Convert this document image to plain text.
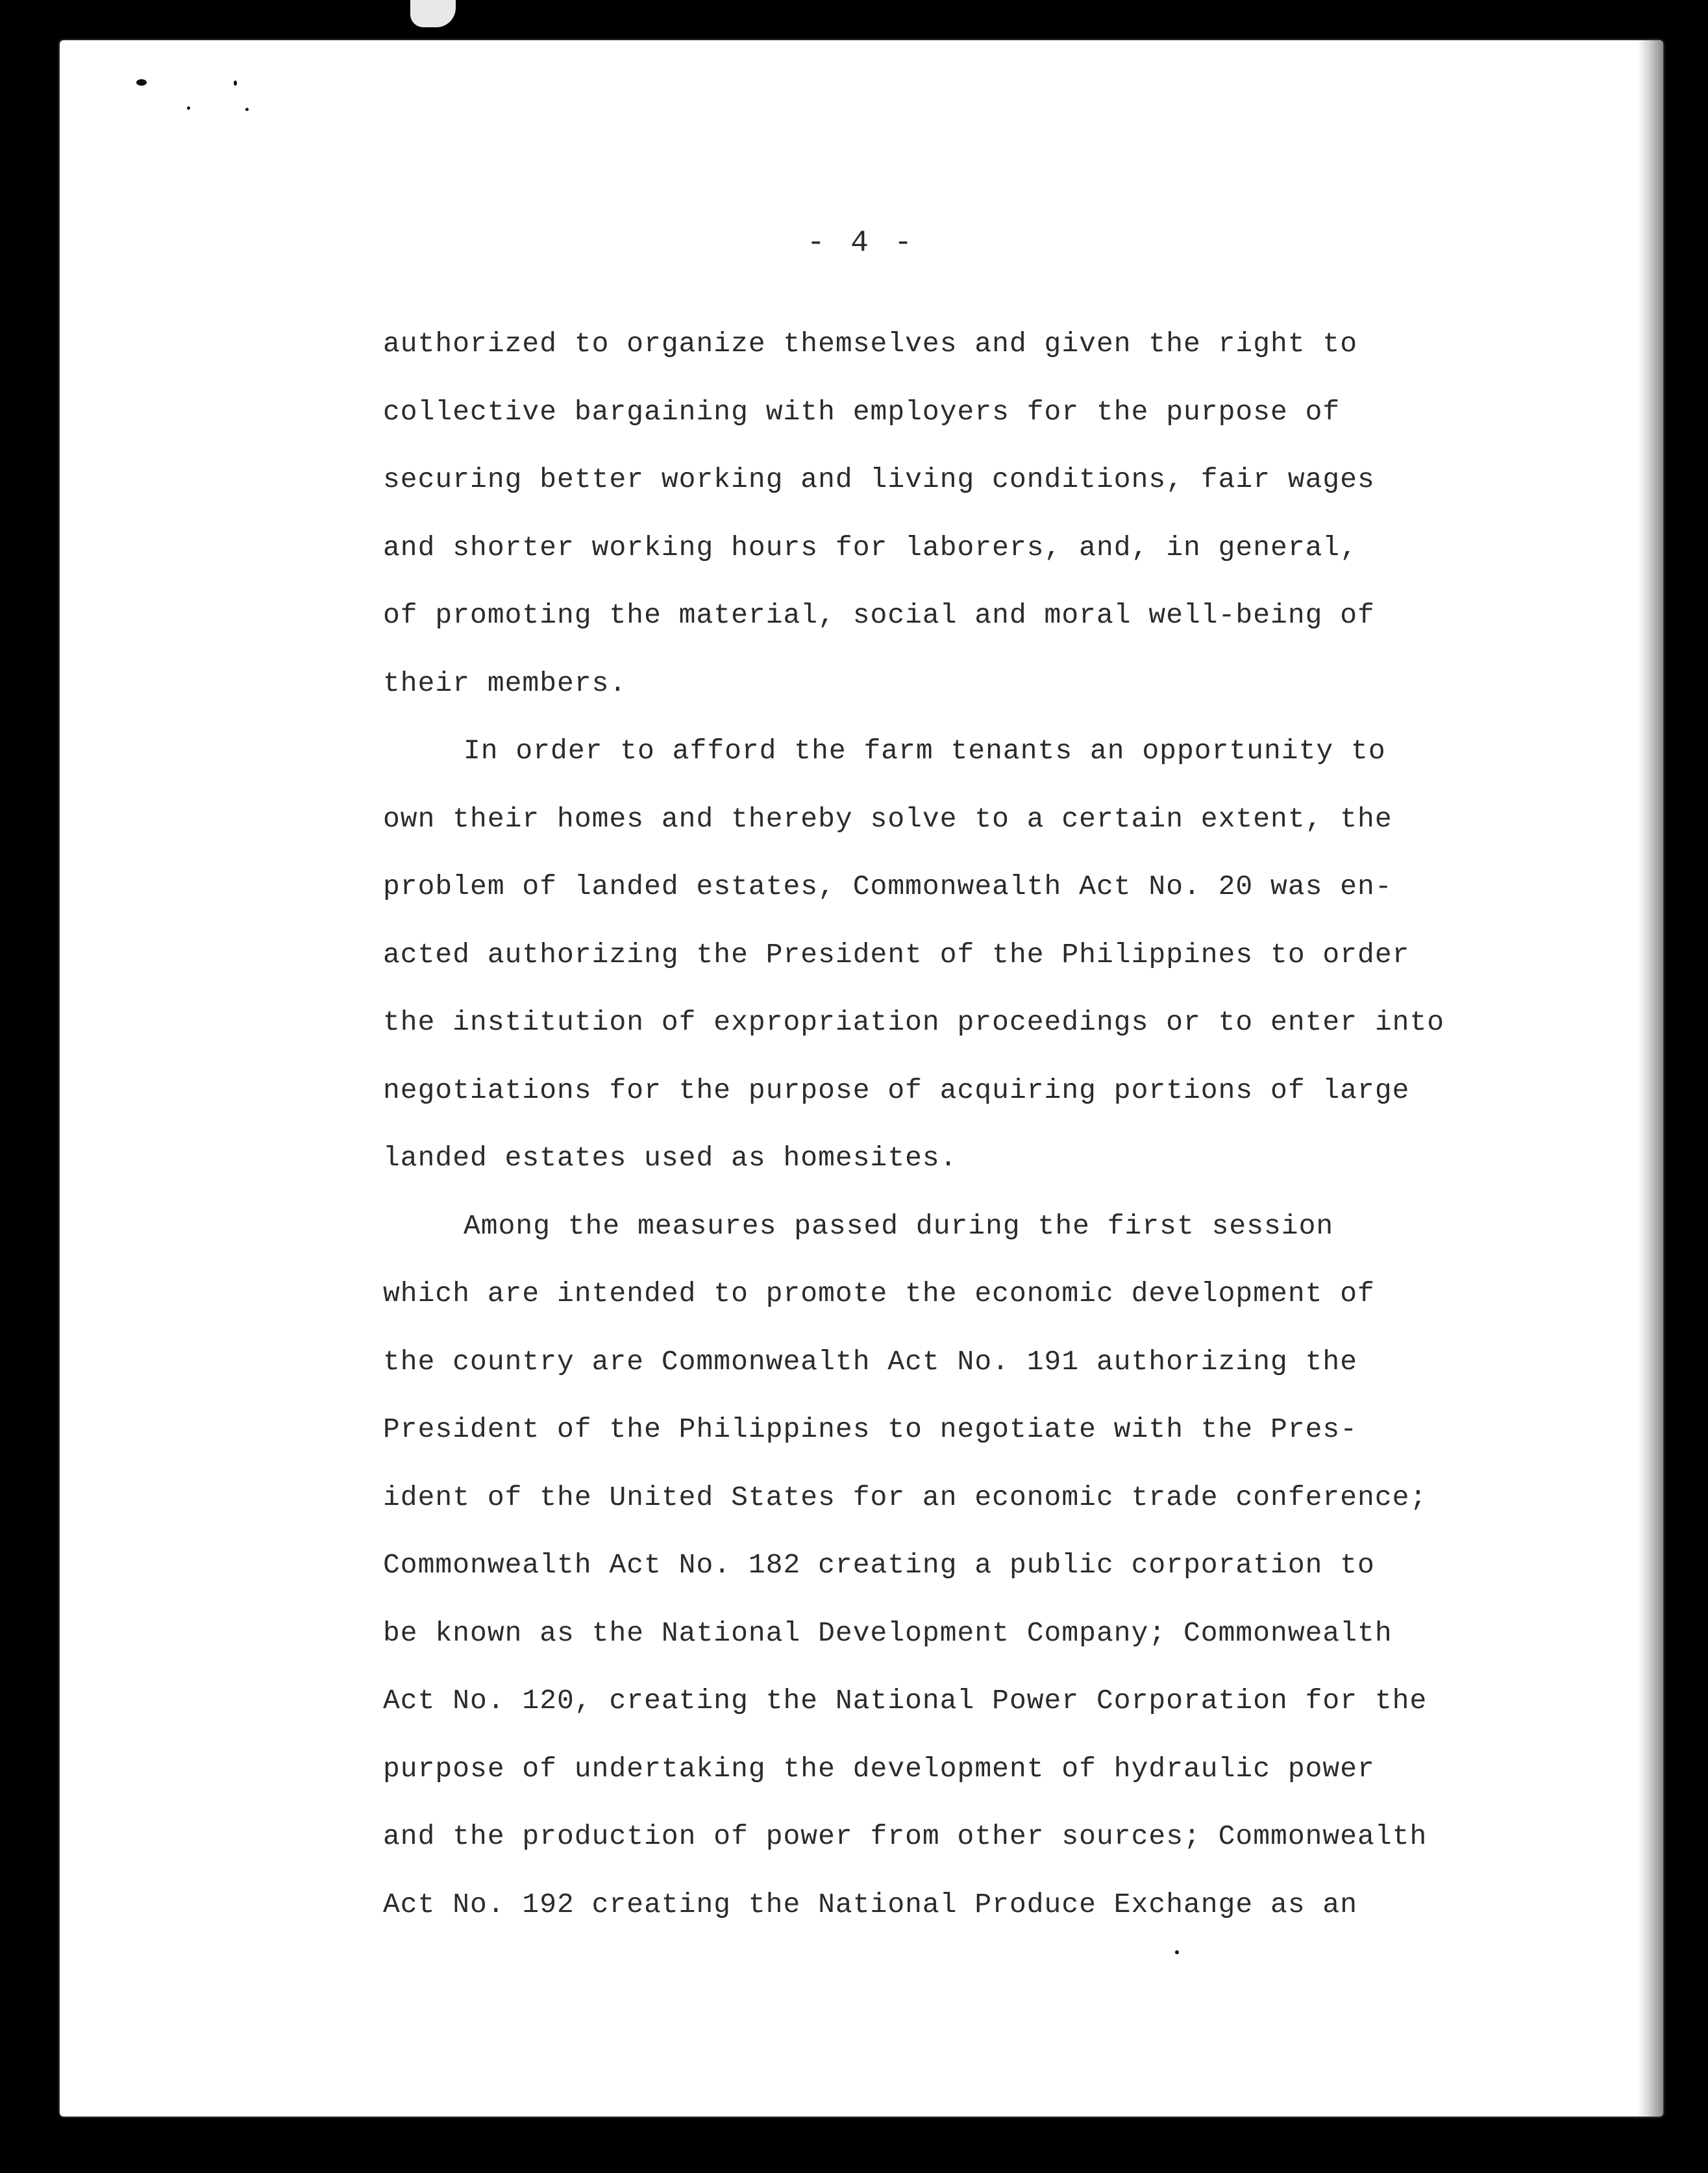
- 4 -
authorized to organize themselves and given the right to
collective bargaining with employers for the purpose of
securing better working and living conditions, fair wages
and shorter working hours for laborers, and, in general,
of promoting the material, social and moral well-being of
their members.
In order to afford the farm tenants an opportunity to
own their homes and thereby solve to a certain extent, the
problem of landed estates, Commonwealth Act No. 20 was en-
acted authorizing the President of the Philippines to order
the institution of expropriation proceedings or to enter into
negotiations for the purpose of acquiring portions of large
landed estates used as homesites.
Among the measures passed during the first session
which are intended to promote the economic development of
the country are Commonwealth Act No. 191 authorizing the
President of the Philippines to negotiate with the Pres-
ident of the United States for an economic trade conference;
Commonwealth Act No. 182 creating a public corporation to
be known as the National Development Company; Commonwealth
Act No. 120, creating the National Power Corporation for the
purpose of undertaking the development of hydraulic power
and the production of power from other sources; Commonwealth
Act No. 192 creating the National Produce Exchange as an
